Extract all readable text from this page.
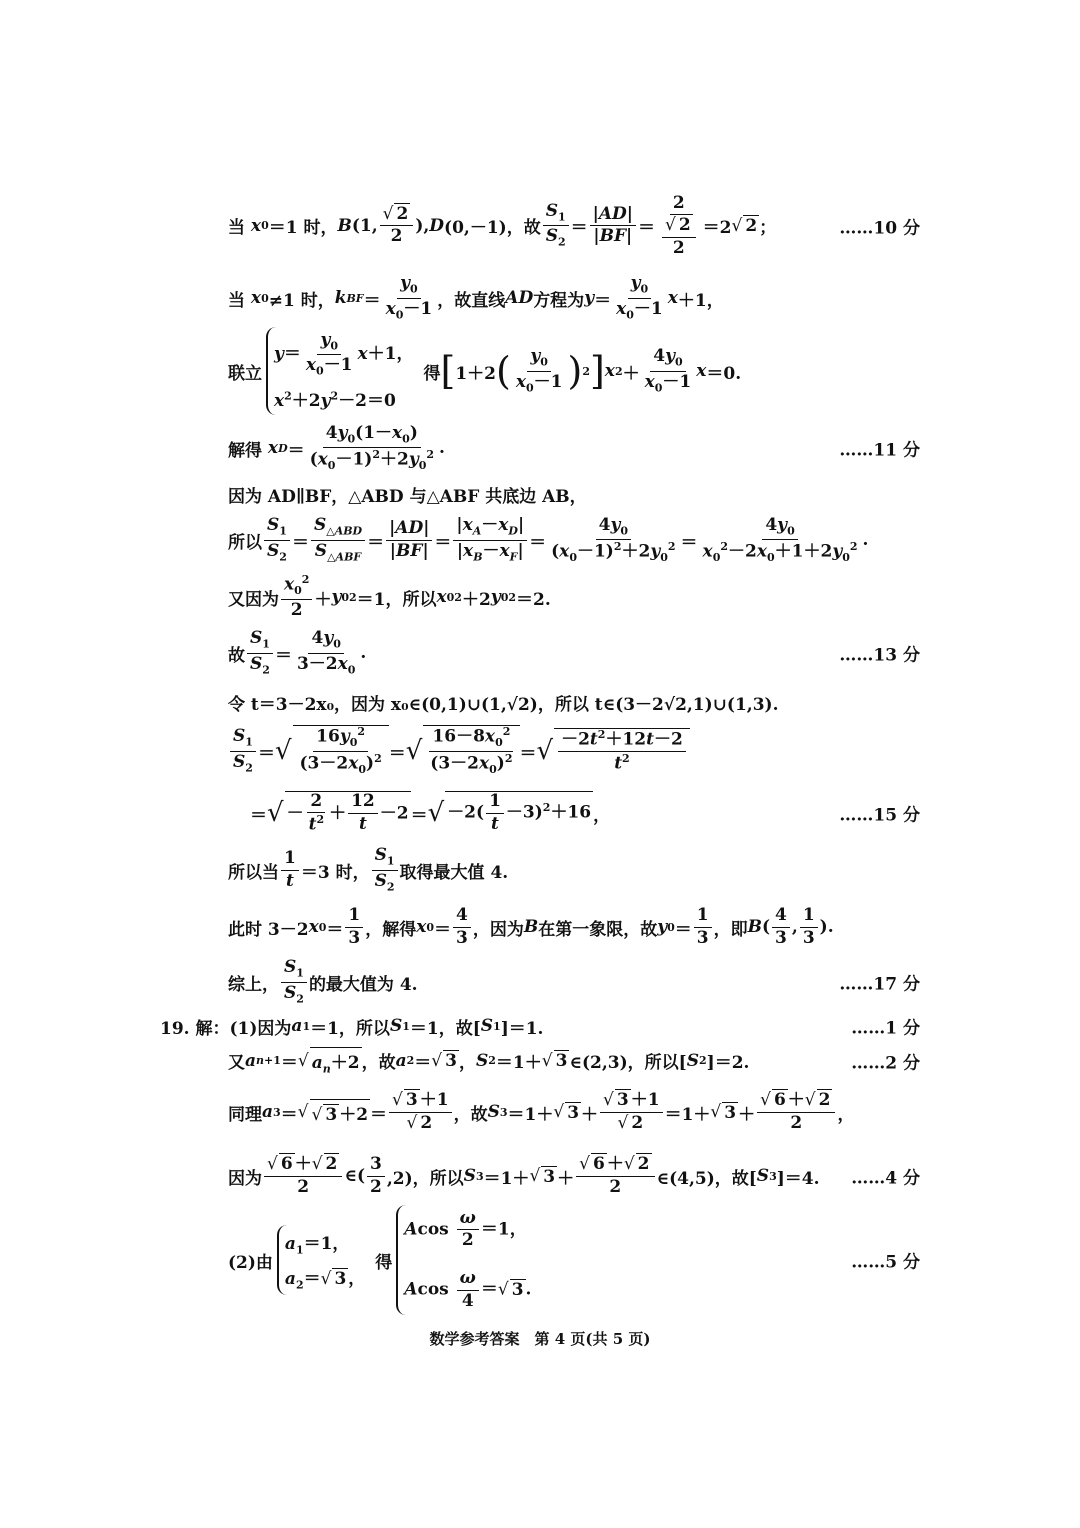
当 x 0 ＝1 时， B (1, $\frac{√ 2}{2}$ ), D (0,－1)，故 $\frac{S_1}{S_2} = \frac{|AD|}{|BF|} = \frac{2}{\frac{√ 2}{2}} =2$ √ 2 ；	……10 分
当 x 0 ≠1 时， k BF ＝ $\frac{y_0}{x_0-1}$ ，故直线 AD 方程为 $y = \frac{y_0}{x_0-1}$ x ＋1，
联立
$y= \frac{y_0}{x_0-1} x+1$，
$x^2+2y^2-2=0$
得 [ 1＋2 ( $\frac{y_0}{x_0-1}$ ) 2 ] x $2 + \frac{4y_0}{x_0-1}$ x ＝0.
解得 x $D = \frac{4y_0(1-x_0)}{(x_0-1)^2+2y_0^2}$ .	……11 分
因为 AD∥BF，△ABD 与△ABF 共底边 AB，
所以 $\frac{S_1}{S_2} = \frac{S_{\triangle ABD}}{S_{\triangle ABF}} = \frac{|AD|}{|BF|} = \frac{|x_A-x_D|}{|x_B-x_F|} = \frac{4y_0}{(x_0-1)^2+2y_0^2} = \frac{4y_0}{x_0^2-2x_0+1+2y_0^2}$ .
又因为 $\frac{x_0^2}{2} + y$ 0 2 ＝1，所以 x 0 2 ＋2 y 0 2 ＝2.
故 $\frac{S_1}{S_2} = \frac{4y_0}{3-2x_0}$ .	……13 分
令 t＝3－2x₀，因为 x₀∈(0,1)∪(1,√2)，所以 t∈(3－2√2,1)∪(1,3).
$\frac{S_1}{S_2}$ ＝ √ $\frac{16y_0^2}{(3-2x_0)^2}$ ＝ √ $\frac{16-8x_0^2}{(3-2x_0)^2}$ ＝ √ $\frac{-2t^2+12t-2}{t^2}$
＝ √ － $\frac{2}{t^2} + \frac{12}{t} -2$ ＝ √ $-2( \frac{1}{t} -3)^2+16$ ，	……15 分
所以当 $\frac{1}{t} =3$ 时， $\frac{S_1}{S_2}$ 取得最大值 4.
此时 3－2 x $0 = \frac{1}{3}$ ，解得 x $0 = \frac{4}{3}$ ，因为 B 在第一象限，故 y $0 = \frac{1}{3}$ ，即 B ( $\frac{4}{3}$ , $\frac{1}{3}$ ).
综上， $\frac{S_1}{S_2}$ 的最大值为 4.	……17 分
19. 解：(1)因为 a 1 ＝1，所以 S 1 ＝1，故[ S 1 ]＝1.	……1 分
又 a n+1 ＝ √ $a_n+2$ ，故 a 2 ＝ √ 3 ， S 2 ＝1＋ √ 3 ∈(2,3)，所以[ S 2 ]＝2.	……2 分
同理 a 3 ＝ √ √ $3 +2 = \frac{√ 3 +1}{√ 2}$ ，故 S 3 ＝1＋ √ $3 + \frac{√ 3 +1}{√ 2} =1+$ √ $3 + \frac{√ 6 +√ 2}{2}$ ，
因为 $\frac{√ 6 +√ 2}{2}$ ∈( $\frac{3}{2} ,2$)，所以 S 3 ＝1＋ √ $3 + \frac{√ 6 +√ 2}{2}$ ∈(4,5)，故[ S 3 ]＝4. ……4 分
(2)由
$a_1=1$，
$a_2=√$ 3 ，
得
Acos $\frac{\omega}{2} =1$，
Acos $\frac{\omega}{4}$ ＝√ 3 .
……5 分
数学参考答案　第 4 页(共 5 页)
